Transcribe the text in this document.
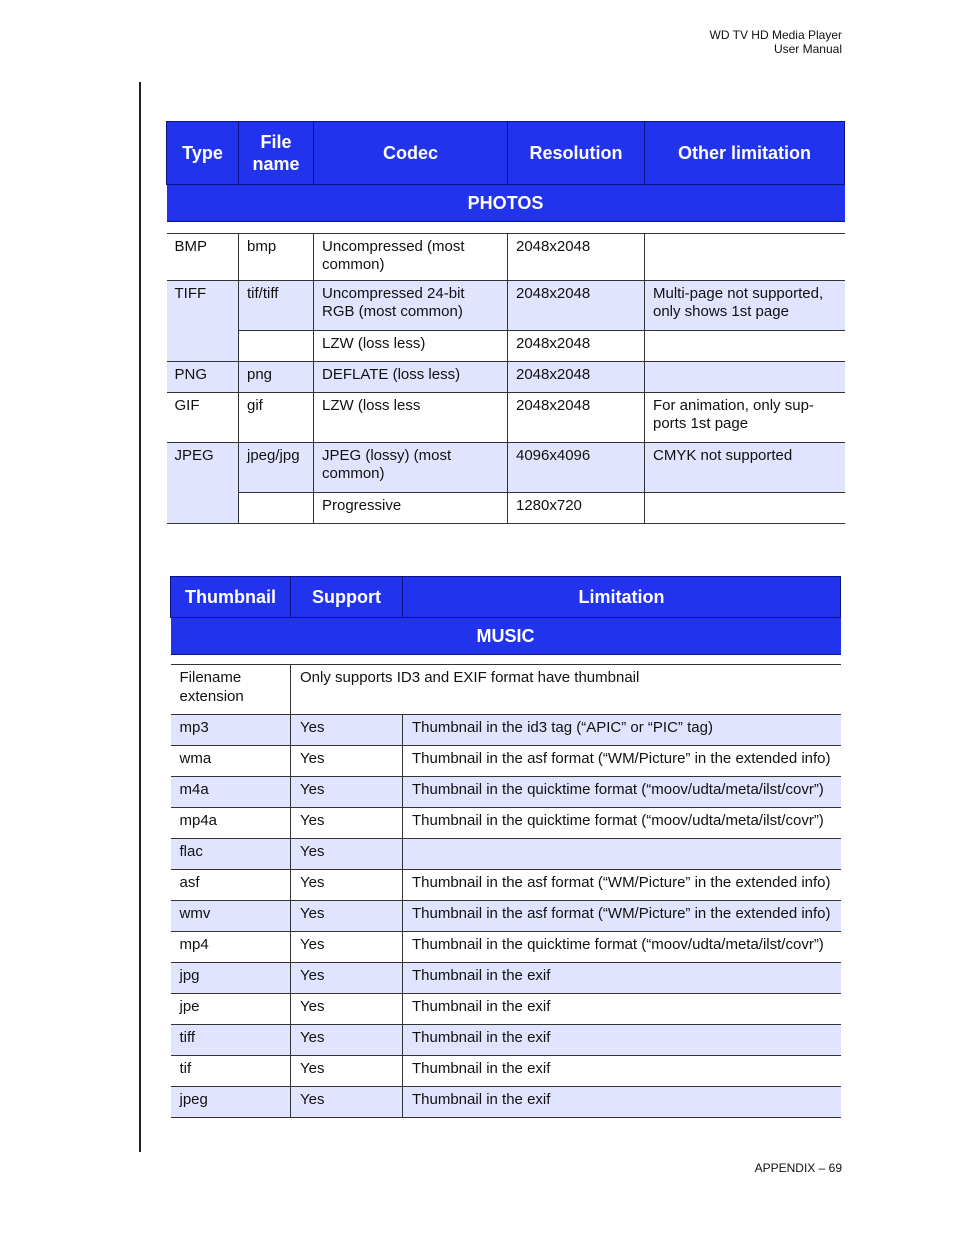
WD TV HD Media Player
User Manual
Type	File name	Codec	Resolution	Other limitation
PHOTOS				

BMP	bmp	Uncompressed (most common)	2048x2048	
TIFF	tif/tiff	Uncompressed 24-bit RGB (most common)	2048x2048	Multi-page not supported, only shows 1st page
		LZW (loss less)	2048x2048	
PNG	png	DEFLATE (loss less)	2048x2048	
GIF	gif	LZW (loss less	2048x2048	For animation, only sup-ports 1st page
JPEG	jpeg/jpg	JPEG (lossy) (most common)	4096x4096	CMYK not supported
		Progressive	1280x720	
Thumbnail	Support	Limitation
MUSIC		

Filename extension	Only supports ID3 and EXIF format have thumbnail	
mp3	Yes	Thumbnail in the id3 tag (“APIC” or “PIC” tag)
wma	Yes	Thumbnail in the asf format (“WM/Picture” in the extended info)
m4a	Yes	Thumbnail in the quicktime format (“moov/udta/meta/ilst/covr”)
mp4a	Yes	Thumbnail in the quicktime format (“moov/udta/meta/ilst/covr”)
flac	Yes	
asf	Yes	Thumbnail in the asf format (“WM/Picture” in the extended info)
wmv	Yes	Thumbnail in the asf format (“WM/Picture” in the extended info)
mp4	Yes	Thumbnail in the quicktime format (“moov/udta/meta/ilst/covr”)
jpg	Yes	Thumbnail in the exif
jpe	Yes	Thumbnail in the exif
tiff	Yes	Thumbnail in the exif
tif	Yes	Thumbnail in the exif
jpeg	Yes	Thumbnail in the exif
APPENDIX – 69
